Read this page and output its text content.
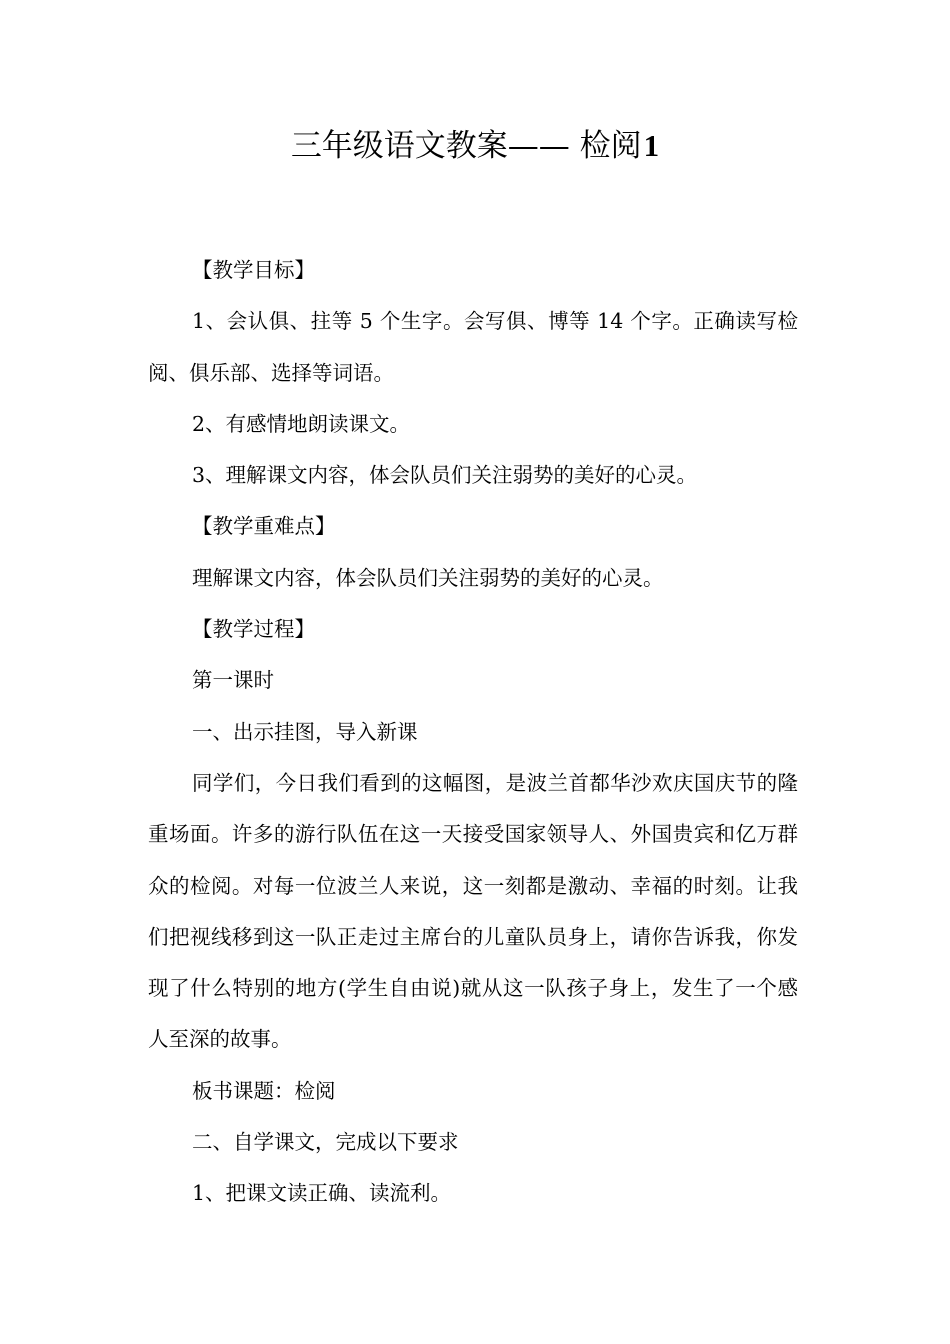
三年级语文教案—— 检阅1

【教学目标】

1、会认俱、拄等 5 个生字。会写俱、博等 14 个字。正确读写检阅、俱乐部、选择等词语。

2、有感情地朗读课文。

3、理解课文内容，体会队员们关注弱势的美好的心灵。

【教学重难点】

理解课文内容，体会队员们关注弱势的美好的心灵。

【教学过程】

第一课时

一、出示挂图，导入新课

同学们，今日我们看到的这幅图，是波兰首都华沙欢庆国庆节的隆重场面。许多的游行队伍在这一天接受国家领导人、外国贵宾和亿万群众的检阅。对每一位波兰人来说，这一刻都是激动、幸福的时刻。让我们把视线移到这一队正走过主席台的儿童队员身上，请你告诉我，你发现了什么特别的地方(学生自由说)就从这一队孩子身上，发生了一个感人至深的故事。

板书课题：检阅

二、自学课文，完成以下要求

1、把课文读正确、读流利。
